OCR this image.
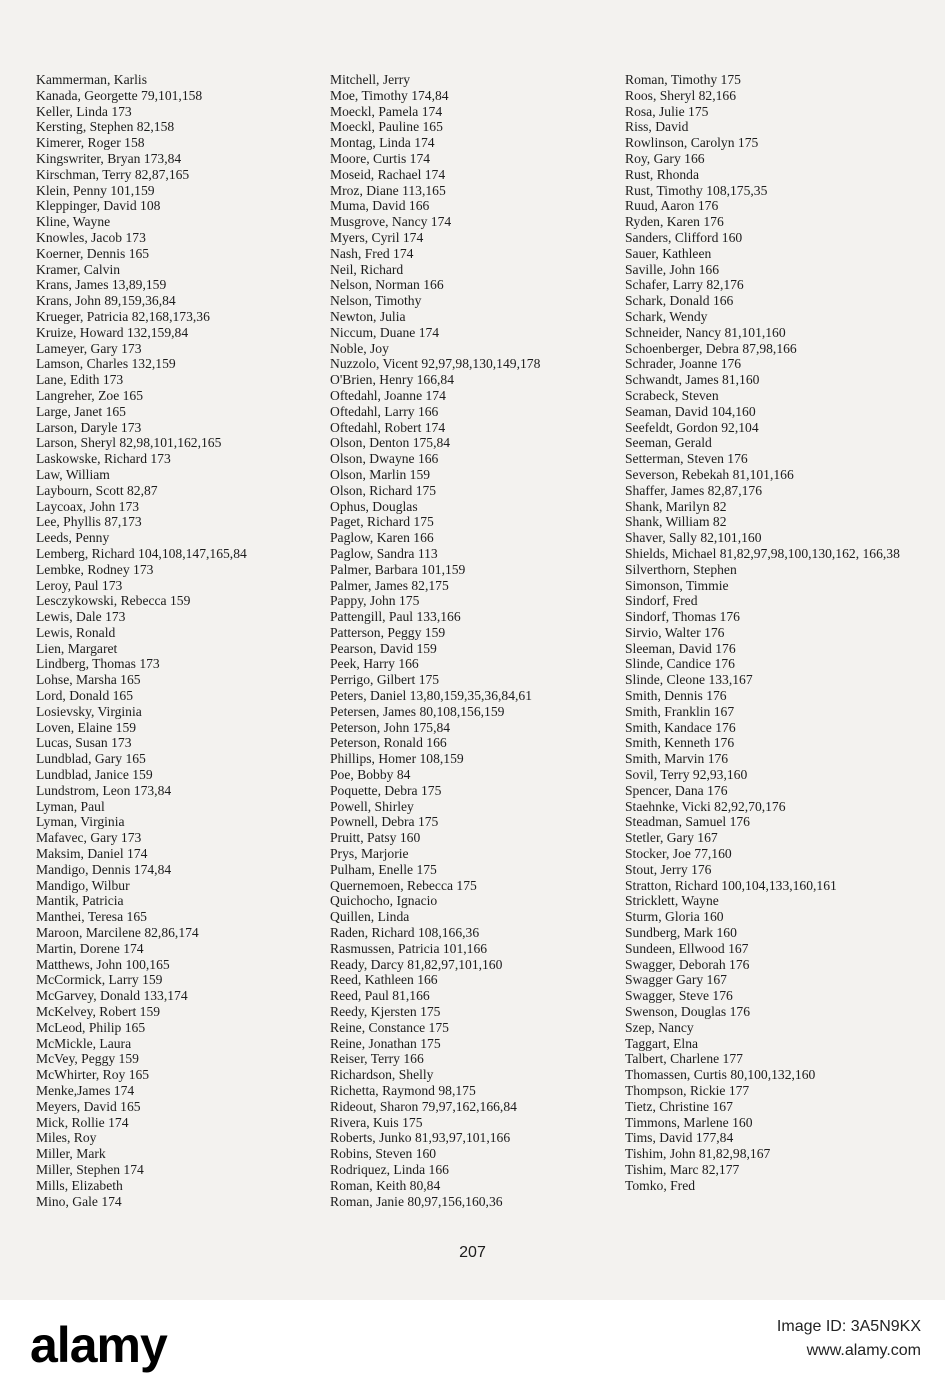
Kammerman, Karlis
Kanada, Georgette 79,101,158
Keller, Linda 173
Kersting, Stephen 82,158
Kimerer, Roger 158
Kingswriter, Bryan 173,84
Kirschman, Terry 82,87,165
Klein, Penny 101,159
Kleppinger, David 108
Kline, Wayne
Knowles, Jacob 173
Koerner, Dennis 165
Kramer, Calvin
Krans, James 13,89,159
Krans, John 89,159,36,84
Krueger, Patricia 82,168,173,36
Kruize, Howard 132,159,84
Lameyer, Gary 173
Lamson, Charles 132,159
Lane, Edith 173
Langreher, Zoe 165
Large, Janet 165
Larson, Daryle 173
Larson, Sheryl 82,98,101,162,165
Laskowske, Richard 173
Law, William
Laybourn, Scott 82,87
Laycoax, John 173
Lee, Phyllis 87,173
Leeds, Penny
Lemberg, Richard 104,108,147,165,84
Lembke, Rodney 173
Leroy, Paul 173
Lesczykowski, Rebecca 159
Lewis, Dale 173
Lewis, Ronald
Lien, Margaret
Lindberg, Thomas 173
Lohse, Marsha 165
Lord, Donald 165
Losievsky, Virginia
Loven, Elaine 159
Lucas, Susan 173
Lundblad, Gary 165
Lundblad, Janice 159
Lundstrom, Leon 173,84
Lyman, Paul
Lyman, Virginia
Mafavec, Gary 173
Maksim, Daniel 174
Mandigo, Dennis 174,84
Mandigo, Wilbur
Mantik, Patricia
Manthei, Teresa 165
Maroon, Marcilene 82,86,174
Martin, Dorene 174
Matthews, John 100,165
McCormick, Larry 159
McGarvey, Donald 133,174
McKelvey, Robert 159
McLeod, Philip 165
McMickle, Laura
McVey, Peggy 159
McWhirter, Roy 165
Menke,James 174
Meyers, David 165
Mick, Rollie 174
Miles, Roy
Miller, Mark
Miller, Stephen 174
Mills, Elizabeth
Mino, Gale 174
Mitchell, Jerry
Moe, Timothy 174,84
Moeckl, Pamela 174
Moeckl, Pauline 165
Montag, Linda 174
Moore, Curtis 174
Moseid, Rachael 174
Mroz, Diane 113,165
Muma, David 166
Musgrove, Nancy 174
Myers, Cyril 174
Nash, Fred 174
Neil, Richard
Nelson, Norman 166
Nelson, Timothy
Newton, Julia
Niccum, Duane 174
Noble, Joy
Nuzzolo, Vicent 92,97,98,130,149,178
O'Brien, Henry 166,84
Oftedahl, Joanne 174
Oftedahl, Larry 166
Oftedahl, Robert 174
Olson, Denton 175,84
Olson, Dwayne 166
Olson, Marlin 159
Olson, Richard 175
Ophus, Douglas
Paget, Richard 175
Paglow, Karen 166
Paglow, Sandra 113
Palmer, Barbara 101,159
Palmer, James 82,175
Pappy, John 175
Pattengill, Paul 133,166
Patterson, Peggy 159
Pearson, David 159
Peek, Harry 166
Perrigo, Gilbert 175
Peters, Daniel 13,80,159,35,36,84,61
Petersen, James 80,108,156,159
Peterson, John 175,84
Peterson, Ronald 166
Phillips, Homer 108,159
Poe, Bobby 84
Poquette, Debra 175
Powell, Shirley
Pownell, Debra 175
Pruitt, Patsy 160
Prys, Marjorie
Pulham, Enelle 175
Quernemoen, Rebecca 175
Quichocho, Ignacio
Quillen, Linda
Raden, Richard 108,166,36
Rasmussen, Patricia 101,166
Ready, Darcy 81,82,97,101,160
Reed, Kathleen 166
Reed, Paul 81,166
Reedy, Kjersten 175
Reine, Constance 175
Reine, Jonathan 175
Reiser, Terry 166
Richardson, Shelly
Richetta, Raymond 98,175
Rideout, Sharon 79,97,162,166,84
Rivera, Kuis 175
Roberts, Junko 81,93,97,101,166
Robins, Steven 160
Rodriquez, Linda 166
Roman, Keith 80,84
Roman, Janie 80,97,156,160,36
Roman, Timothy 175
Roos, Sheryl 82,166
Rosa, Julie 175
Riss, David
Rowlinson, Carolyn 175
Roy, Gary 166
Rust, Rhonda
Rust, Timothy 108,175,35
Ruud, Aaron 176
Ryden, Karen 176
Sanders, Clifford 160
Sauer, Kathleen
Saville, John 166
Schafer, Larry 82,176
Schark, Donald 166
Schark, Wendy
Schneider, Nancy 81,101,160
Schoenberger, Debra 87,98,166
Schrader, Joanne 176
Schwandt, James 81,160
Scrabeck, Steven
Seaman, David 104,160
Seefeldt, Gordon 92,104
Seeman, Gerald
Setterman, Steven 176
Severson, Rebekah 81,101,166
Shaffer, James 82,87,176
Shank, Marilyn 82
Shank, William 82
Shaver, Sally 82,101,160
Shields, Michael 81,82,97,98,100,130,162, 166,38
Silverthorn, Stephen
Simonson, Timmie
Sindorf, Fred
Sindorf, Thomas 176
Sirvio, Walter 176
Sleeman, David 176
Slinde, Candice 176
Slinde, Cleone 133,167
Smith, Dennis 176
Smith, Franklin 167
Smith, Kandace 176
Smith, Kenneth 176
Smith, Marvin 176
Sovil, Terry 92,93,160
Spencer, Dana 176
Staehnke, Vicki 82,92,70,176
Steadman, Samuel 176
Stetler, Gary 167
Stocker, Joe 77,160
Stout, Jerry 176
Stratton, Richard 100,104,133,160,161
Stricklett, Wayne
Sturm, Gloria 160
Sundberg, Mark 160
Sundeen, Ellwood 167
Swagger, Deborah 176
Swagger Gary 167
Swagger, Steve 176
Swenson, Douglas 176
Szep, Nancy
Taggart, Elna
Talbert, Charlene 177
Thomassen, Curtis 80,100,132,160
Thompson, Rickie 177
Tietz, Christine 167
Timmons, Marlene 160
Tims, David 177,84
Tishim, John 81,82,98,167
Tishim, Marc 82,177
Tomko, Fred
207
alamy	Image ID: 3A5N9KX
www.alamy.com
